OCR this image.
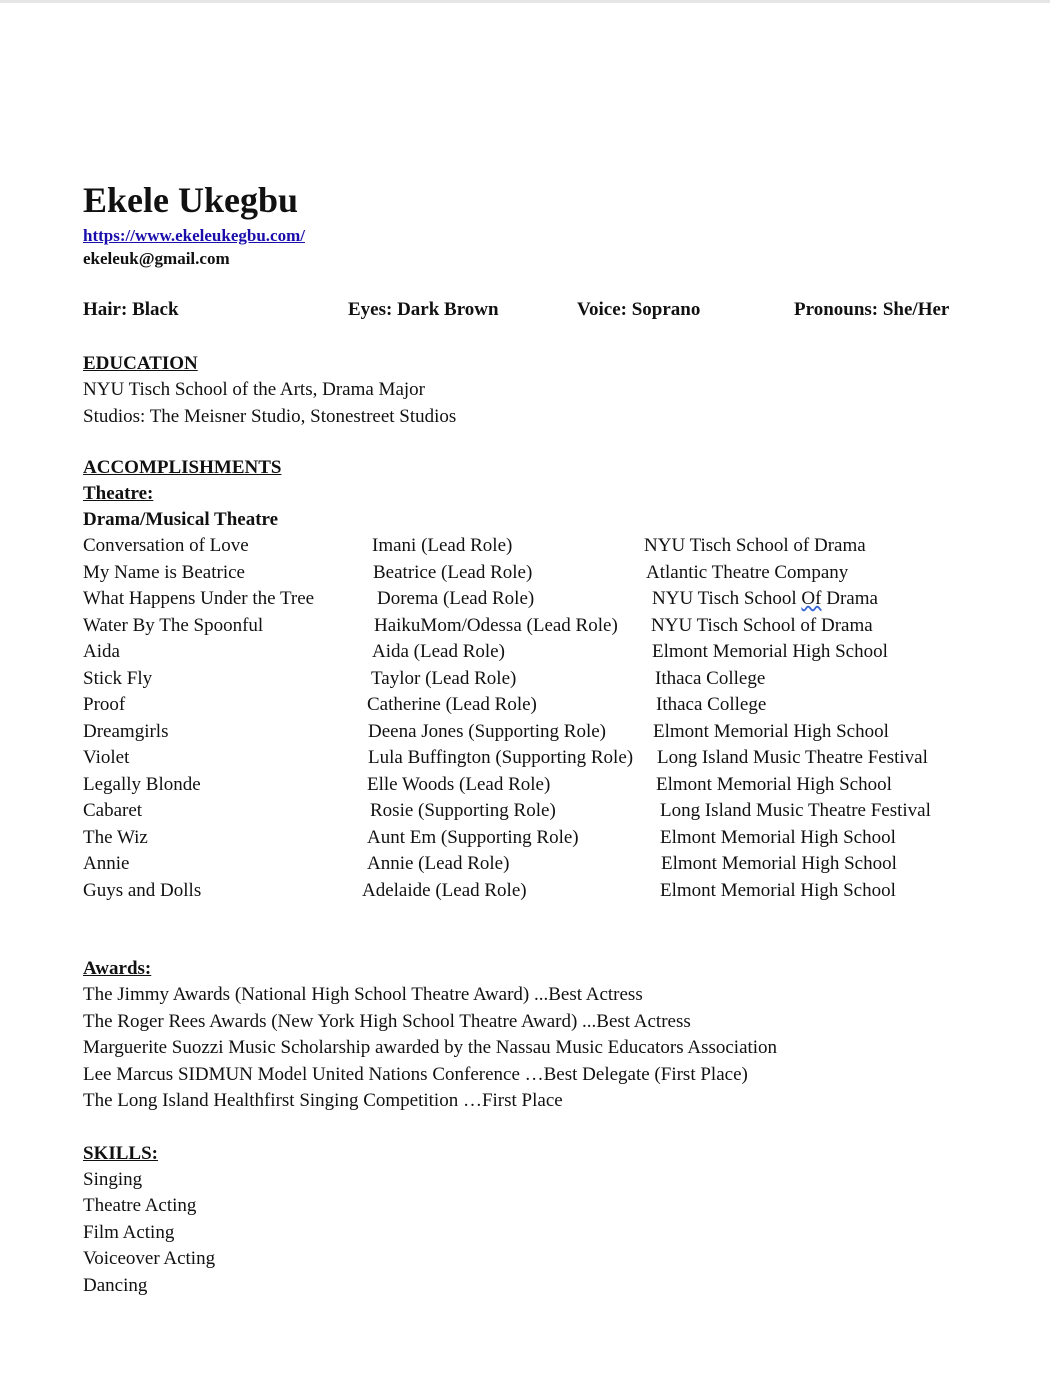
Ekele Ukegbu
https://www.ekeleukegbu.com/
ekeleuk@gmail.com
Hair: Black	Eyes: Dark Brown	Voice: Soprano	Pronouns: She/Her
EDUCATION
NYU Tisch School of the Arts, Drama Major
Studios: The Meisner Studio, Stonestreet Studios
ACCOMPLISHMENTS
Theatre:
Drama/Musical Theatre
Conversation of Love	Imani (Lead Role)	NYU Tisch School of Drama
My Name is Beatrice	Beatrice (Lead Role)	Atlantic Theatre Company
What Happens Under the Tree	Dorema (Lead Role)	NYU Tisch School Of Drama
Water By The Spoonful	HaikuMom/Odessa (Lead Role) NYU Tisch School of Drama
Aida	Aida (Lead Role)	Elmont Memorial High School
Stick Fly	Taylor (Lead Role)	Ithaca College
Proof	Catherine (Lead Role)	Ithaca College
Dreamgirls	Deena Jones (Supporting Role) Elmont Memorial High School
Violet	Lula Buffington (Supporting Role) Long Island Music Theatre Festival
Legally Blonde	Elle Woods (Lead Role)	Elmont Memorial High School
Cabaret	Rosie (Supporting Role)	Long Island Music Theatre Festival
The Wiz	Aunt Em (Supporting Role)	Elmont Memorial High School
Annie	Annie (Lead Role)	Elmont Memorial High School
Guys and Dolls	Adelaide (Lead Role)	Elmont Memorial High School
Awards:
The Jimmy Awards (National High School Theatre Award) ...Best Actress
The Roger Rees Awards (New York High School Theatre Award) ...Best Actress
Marguerite Suozzi Music Scholarship awarded by the Nassau Music Educators Association
Lee Marcus SIDMUN Model United Nations Conference …Best Delegate (First Place)
The Long Island Healthfirst Singing Competition …First Place
SKILLS:
Singing
Theatre Acting
Film Acting
Voiceover Acting
Dancing
